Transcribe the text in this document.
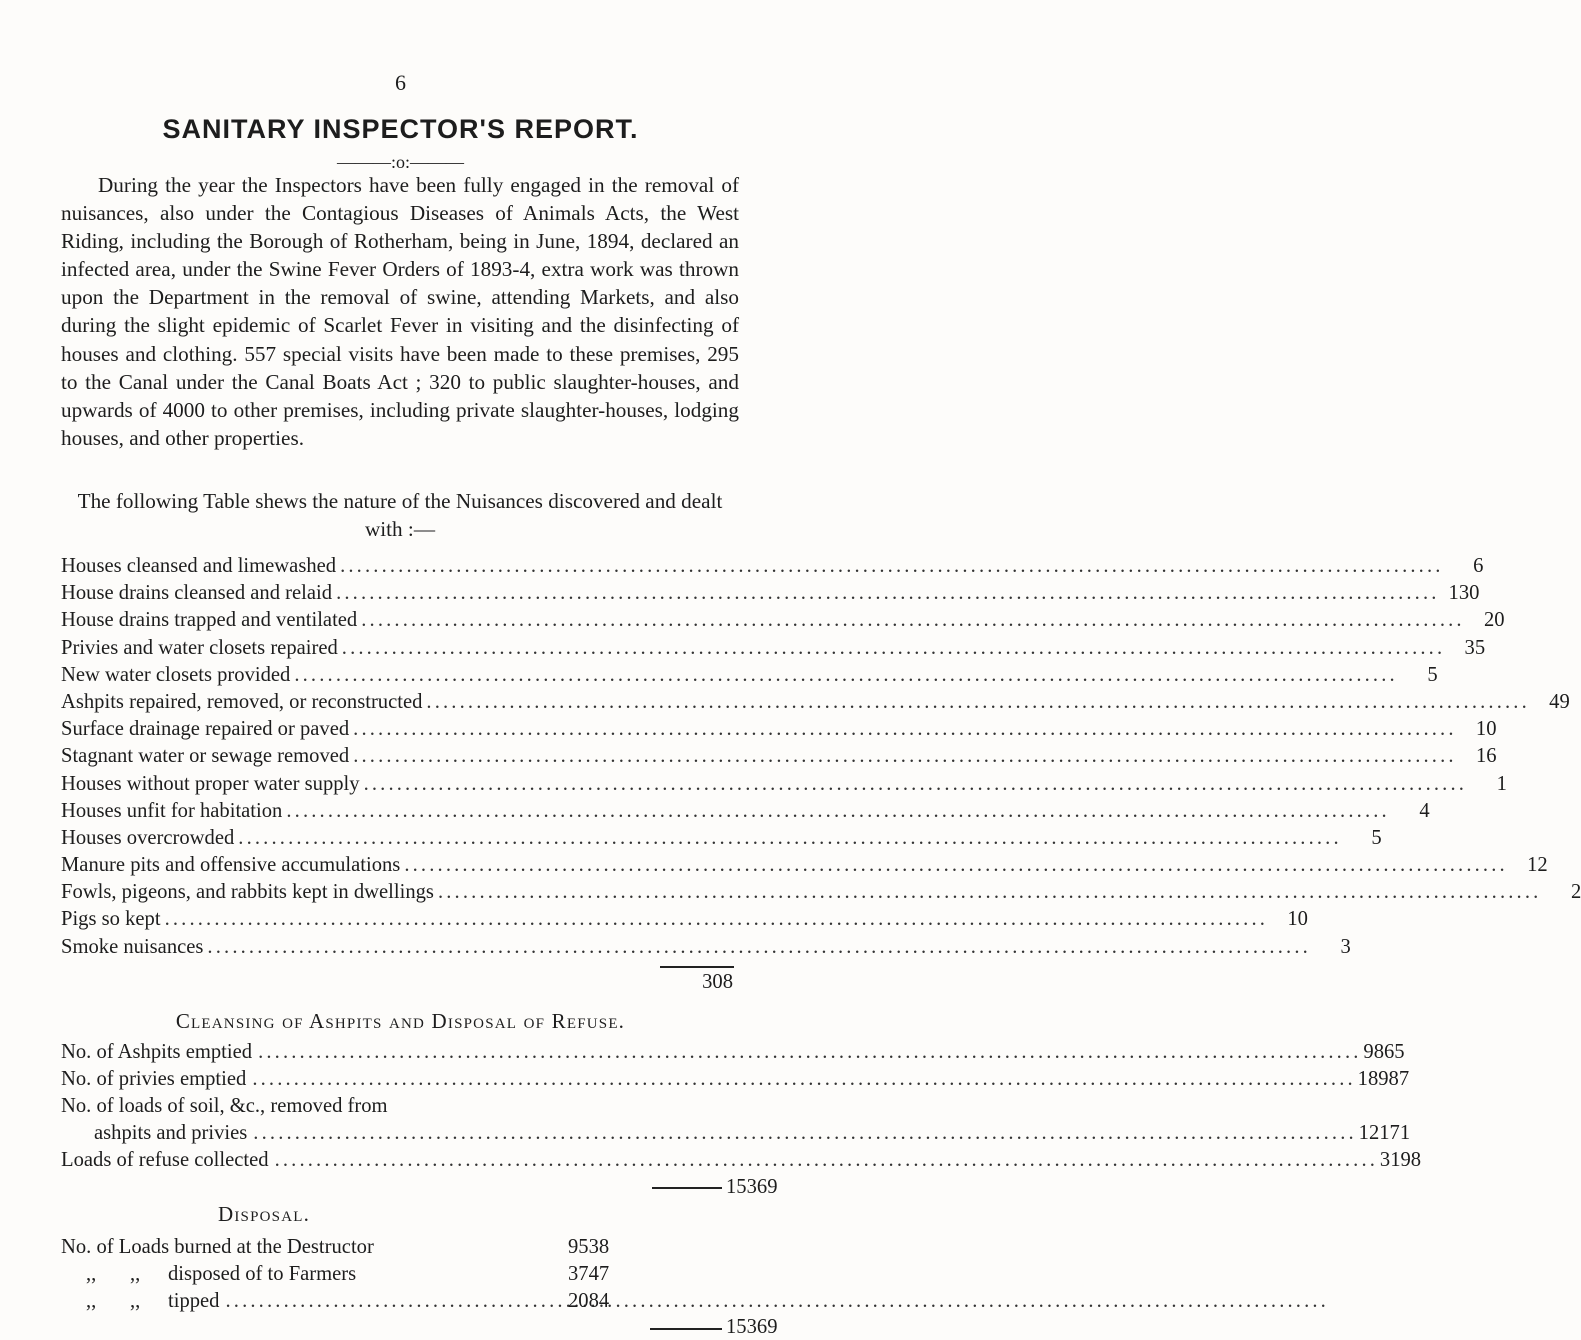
6
SANITARY INSPECTOR'S REPORT.
———:o:———

During the year the Inspectors have been fully engaged in the removal of nuisances, also under the Contagious Diseases of Animals Acts, the West Riding, including the Borough of Rotherham, being in June, 1894, declared an infected area, under the Swine Fever Orders of 1893-4, extra work was thrown upon the Department in the removal of swine, attending Markets, and also during the slight epidemic of Scarlet Fever in visiting and the disinfecting of houses and clothing. 557 special visits have been made to these premises, 295 to the Canal under the Canal Boats Act ; 320 to public slaughter-houses, and upwards of 4000 to other premises, including private slaughter-houses, lodging houses, and other properties.

The following Table shews the nature of the Nuisances discovered and dealt with :—

Houses cleansed and limewashed . . .	6
House drains cleansed and relaid . . .	130
House drains trapped and ventilated . . .	20
Privies and water closets repaired . . .	35
New water closets provided . . .	5
Ashpits repaired, removed, or reconstructed . . .	49
Surface drainage repaired or paved . . .	10
Stagnant water or sewage removed . . .	16
Houses without proper water supply . . .	1
Houses unfit for habitation . . .	4
Houses overcrowded . . .	5
Manure pits and offensive accumulations . . .	12
Fowls, pigeons, and rabbits kept in dwellings . . .	2
Pigs so kept . . .	10
Smoke nuisances . . .	3
308
Cleansing of Ashpits and Disposal of Refuse.
No. of Ashpits emptied . . .	9865
No. of privies emptied . . .	18987
No. of loads of soil, &c., removed from
ashpits and privies . . .	12171
Loads of refuse collected . . .	3198
15369
Disposal.
No. of Loads burned at the Destructor	9538
,, ,, disposed of to Farmers	3747
,, ,, tipped . . .	2084
15369
